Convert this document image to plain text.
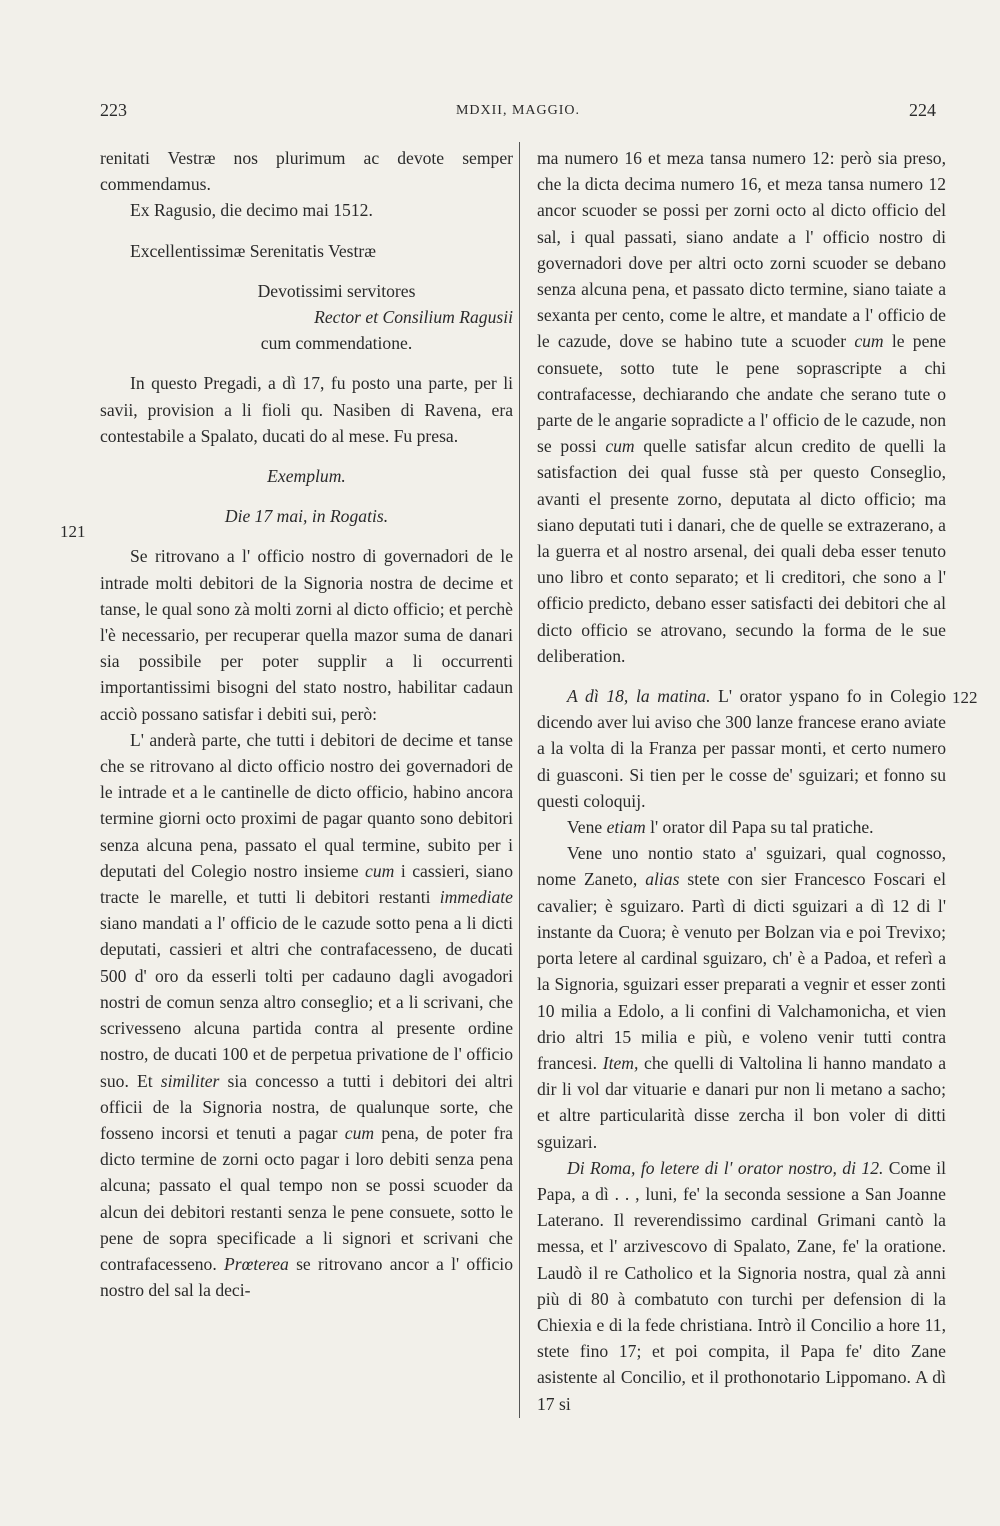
223	MDXII, MAGGIO.	224
121
122

renitati Vestræ nos plurimum ac devote semper commendamus.

Ex Ragusio, die decimo mai 1512.

Excellentissimæ Serenitatis Vestræ

Devotissimi servitores

Rector et Consilium Ragusii

cum commendatione.

In questo Pregadi, a dì 17, fu posto una parte, per li savii, provision a li fioli qu. Nasiben di Ravena, era contestabile a Spalato, ducati do al mese. Fu presa.

Exemplum.

Die 17 mai, in Rogatis.

Se ritrovano a l' officio nostro di governadori de le intrade molti debitori de la Signoria nostra de decime et tanse, le qual sono zà molti zorni al dicto officio; et perchè l'è necessario, per recuperar quella mazor suma de danari sia possibile per poter supplir a li occurrenti importantissimi bisogni del stato nostro, habilitar cadaun acciò possano satisfar i debiti sui, però:

L' anderà parte, che tutti i debitori de decime et tanse che se ritrovano al dicto officio nostro dei governadori de le intrade et a le cantinelle de dicto officio, habino ancora termine giorni octo proximi de pagar quanto sono debitori senza alcuna pena, passato el qual termine, subito per i deputati del Colegio nostro insieme cum i cassieri, siano tracte le marelle, et tutti li debitori restanti immediate siano mandati a l' officio de le cazude sotto pena a li dicti deputati, cassieri et altri che contrafacesseno, de ducati 500 d' oro da esserli tolti per cadauno dagli avogadori nostri de comun senza altro conseglio; et a li scrivani, che scrivesseno alcuna partida contra al presente ordine nostro, de ducati 100 et de perpetua privatione de l' officio suo. Et similiter sia concesso a tutti i debitori dei altri officii de la Signoria nostra, de qualunque sorte, che fosseno incorsi et tenuti a pagar cum pena, de poter fra dicto termine de zorni octo pagar i loro debiti senza pena alcuna; passato el qual tempo non se possi scuoder da alcun dei debitori restanti senza le pene consuete, sotto le pene de sopra specificade a li signori et scrivani che contrafacesseno. Prœterea se ritrovano ancor a l' officio nostro del sal la deci-

ma numero 16 et meza tansa numero 12: però sia preso, che la dicta decima numero 16, et meza tansa numero 12 ancor scuoder se possi per zorni octo al dicto officio del sal, i qual passati, siano andate a l' officio nostro di governadori dove per altri octo zorni scuoder se debano senza alcuna pena, et passato dicto termine, siano taiate a sexanta per cento, come le altre, et mandate a l' officio de le cazude, dove se habino tute a scuoder cum le pene consuete, sotto tute le pene soprascripte a chi contrafacesse, dechiarando che andate che serano tute o parte de le angarie sopradicte a l' officio de le cazude, non se possi cum quelle satisfar alcun credito de quelli la satisfaction dei qual fusse stà per questo Conseglio, avanti el presente zorno, deputata al dicto officio; ma siano deputati tuti i danari, che de quelle se extrazerano, a la guerra et al nostro arsenal, dei quali deba esser tenuto uno libro et conto separato; et li creditori, che sono a l' officio predicto, debano esser satisfacti dei debitori che al dicto officio se atrovano, secundo la forma de le sue deliberation.

A dì 18, la matina. L' orator yspano fo in Colegio dicendo aver lui aviso che 300 lanze francese erano aviate a la volta di la Franza per passar monti, et certo numero di guasconi. Si tien per le cosse de' sguizari; et fonno su questi coloquij.

Vene etiam l' orator dil Papa su tal pratiche.

Vene uno nontio stato a' sguizari, qual cognosso, nome Zaneto, alias stete con sier Francesco Foscari el cavalier; è sguizaro. Partì di dicti sguizari a dì 12 di l' instante da Cuora; è venuto per Bolzan via e poi Trevixo; porta letere al cardinal sguizaro, ch' è a Padoa, et referì a la Signoria, sguizari esser preparati a vegnir et esser zonti 10 milia a Edolo, a li confini di Valchamonicha, et vien drio altri 15 milia e più, e voleno venir tutti contra francesi. Item, che quelli di Valtolina li hanno mandato a dir li vol dar vituarie e danari pur non li metano a sacho; et altre particularità disse zercha il bon voler di ditti sguizari.

Di Roma, fo letere di l' orator nostro, di 12. Come il Papa, a dì . . , luni, fe' la seconda sessione a San Joanne Laterano. Il reverendissimo cardinal Grimani cantò la messa, et l' arzivescovo di Spalato, Zane, fe' la oratione. Laudò il re Catholico et la Signoria nostra, qual zà anni più di 80 à combatuto con turchi per defension di la Chiexia e di la fede christiana. Intrò il Concilio a hore 11, stete fino 17; et poi compita, il Papa fe' dito Zane asistente al Concilio, et il prothonotario Lippomano. A dì 17 si
